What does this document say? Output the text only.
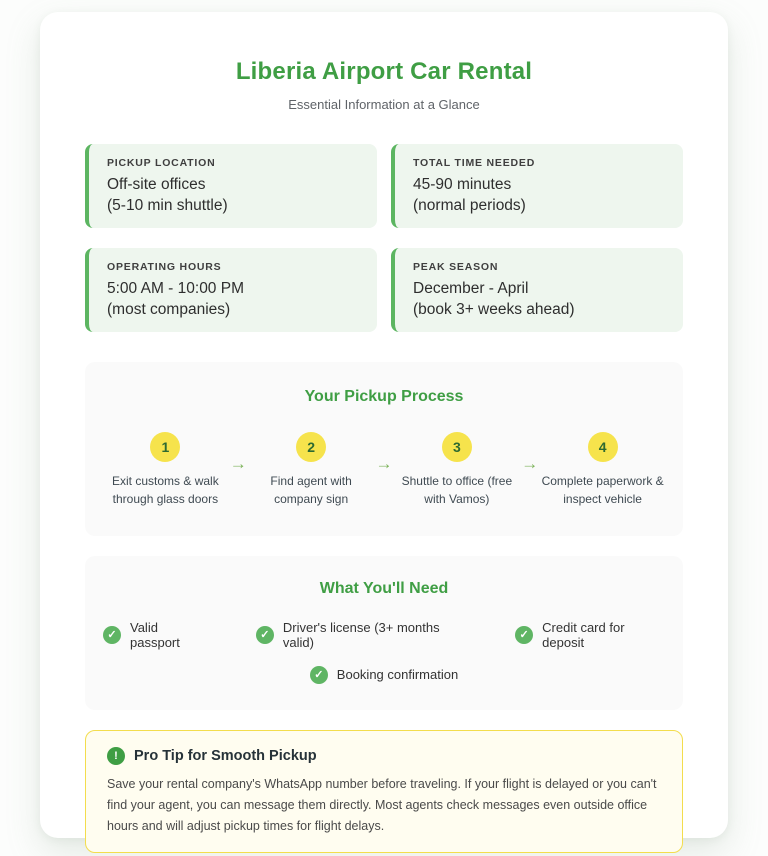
Liberia Airport Car Rental
Essential Information at a Glance
PICKUP LOCATION
Off-site offices
(5-10 min shuttle)
TOTAL TIME NEEDED
45-90 minutes
(normal periods)
OPERATING HOURS
5:00 AM - 10:00 PM
(most companies)
PEAK SEASON
December - April
(book 3+ weeks ahead)
Your Pickup Process
1
Exit customs & walk through glass doors
→
2
Find agent with company sign
→
3
Shuttle to office (free with Vamos)
→
4
Complete paperwork & inspect vehicle
What You'll Need
✓
Valid passport	✓
Driver's license (3+ months valid)	✓
Credit card for deposit
✓	Booking confirmation
!	Pro Tip for Smooth Pickup
Save your rental company's WhatsApp number before traveling. If your flight is delayed or you can't find your agent, you can message them directly. Most agents check messages even outside office hours and will adjust pickup times for flight delays.
